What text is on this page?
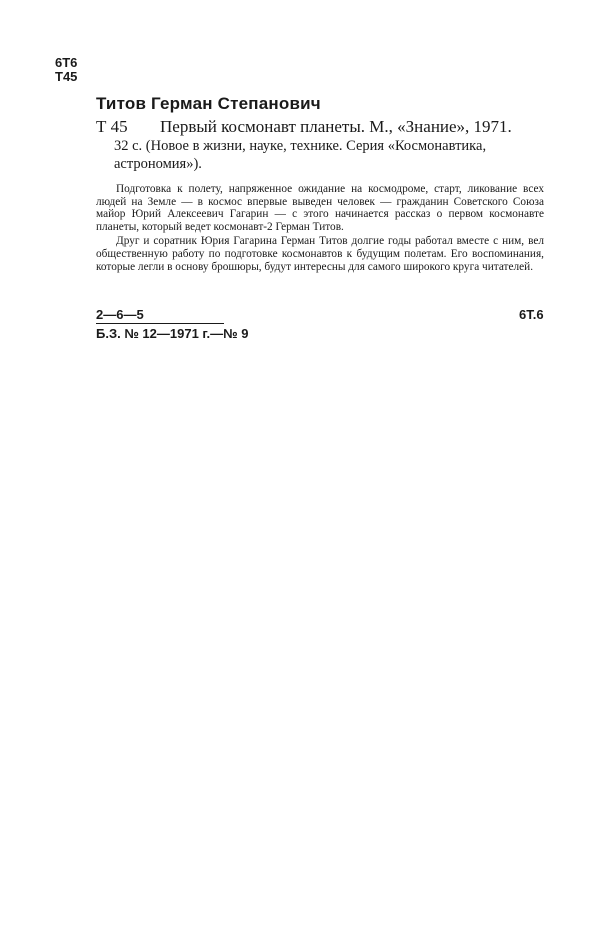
6Т6
Т45
Титов Герман Степанович
Т 45 Первый космонавт планеты. М., «Знание», 1971.
32 с. (Новое в жизни, науке, технике. Серия «Космонавтика, астрономия»).

Подготовка к полету, напряженное ожидание на космодроме, старт, ликование всех людей на Земле — в космос впервые выведен человек — гражданин Советского Союза майор Юрий Алексеевич Гагарин — с этого начинается рассказ о первом космонавте планеты, который ведет космонавт-2 Герман Титов.

Друг и соратник Юрия Гагарина Герман Титов долгие годы работал вместе с ним, вел общественную работу по подготовке космонавтов к будущим полетам. Его воспоминания, которые легли в основу брошюры, будут интересны для самого широкого круга читателей.

2—6—5	6Т.6
Б.З. № 12—1971 г.—№ 9
